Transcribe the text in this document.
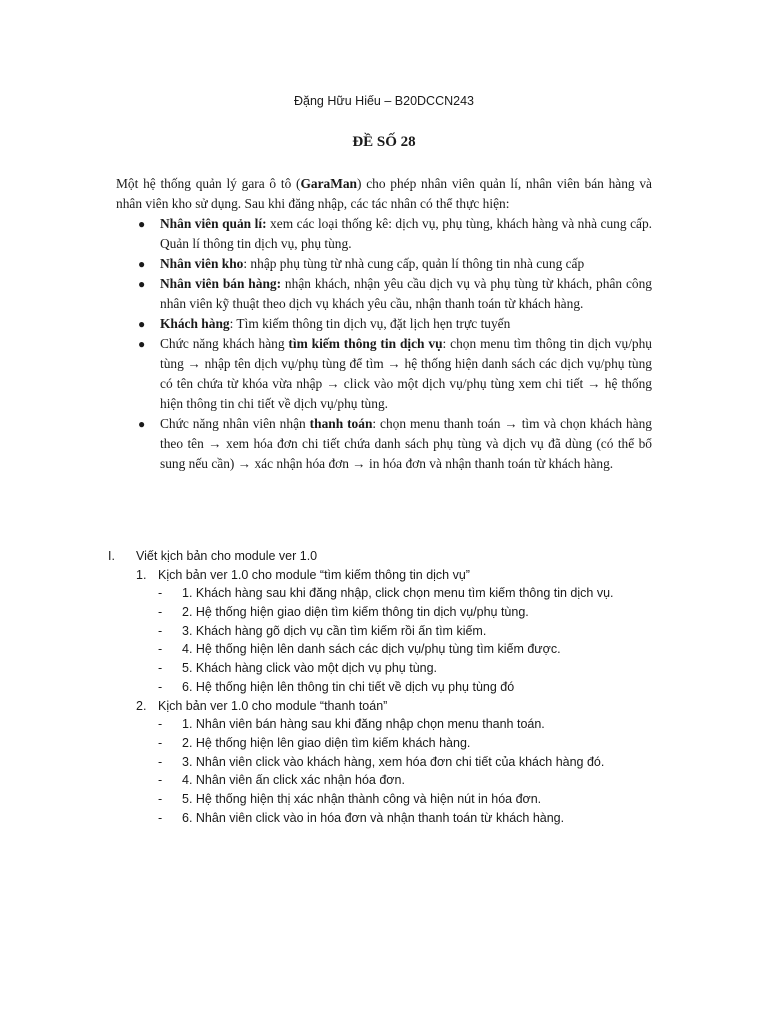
Đặng Hữu Hiếu – B20DCCN243
ĐỀ SỐ 28

Một hệ thống quản lý gara ô tô (GaraMan) cho phép nhân viên quản lí, nhân viên bán hàng và nhân viên kho sử dụng. Sau khi đăng nhập, các tác nhân có thể thực hiện:

● Nhân viên quản lí: xem các loại thống kê: dịch vụ, phụ tùng, khách hàng và nhà cung cấp. Quản lí thông tin dịch vụ, phụ tùng.
● Nhân viên kho: nhập phụ tùng từ nhà cung cấp, quản lí thông tin nhà cung cấp
● Nhân viên bán hàng: nhận khách, nhận yêu cầu dịch vụ và phụ tùng từ khách, phân công nhân viên kỹ thuật theo dịch vụ khách yêu cầu, nhận thanh toán từ khách hàng.
● Khách hàng: Tìm kiếm thông tin dịch vụ, đặt lịch hẹn trực tuyến
● Chức năng khách hàng tìm kiếm thông tin dịch vụ: chọn menu tìm thông tin dịch vụ/phụ tùng → nhập tên dịch vụ/phụ tùng để tìm → hệ thống hiện danh sách các dịch vụ/phụ tùng có tên chứa từ khóa vừa nhập → click vào một dịch vụ/phụ tùng xem chi tiết → hệ thống hiện thông tin chi tiết về dịch vụ/phụ tùng.
● Chức năng nhân viên nhận thanh toán: chọn menu thanh toán → tìm và chọn khách hàng theo tên → xem hóa đơn chi tiết chứa danh sách phụ tùng và dịch vụ đã dùng (có thể bổ sung nếu cần) → xác nhận hóa đơn → in hóa đơn và nhận thanh toán từ khách hàng.
I. Viết kịch bản cho module ver 1.0
1. Kịch bản ver 1.0 cho module “tìm kiếm thông tin dịch vụ”
- 1. Khách hàng sau khi đăng nhập, click chọn menu tìm kiếm thông tin dịch vụ.
- 2. Hệ thống hiện giao diện tìm kiếm thông tin dịch vụ/phụ tùng.
- 3. Khách hàng gõ dịch vụ cần tìm kiếm rồi ấn tìm kiếm.
- 4. Hệ thống hiện lên danh sách các dịch vụ/phụ tùng tìm kiếm được.
- 5. Khách hàng click vào một dịch vụ phụ tùng.
- 6. Hệ thống hiện lên thông tin chi tiết về dịch vụ phụ tùng đó
2. Kịch bản ver 1.0 cho module “thanh toán”
- 1. Nhân viên bán hàng sau khi đăng nhập chọn menu thanh toán.
- 2. Hệ thống hiện lên giao diện tìm kiếm khách hàng.
- 3. Nhân viên click vào khách hàng, xem hóa đơn chi tiết của khách hàng đó.
- 4. Nhân viên ấn click xác nhận hóa đơn.
- 5. Hệ thống hiện thị xác nhận thành công và hiện nút in hóa đơn.
- 6. Nhân viên click vào in hóa đơn và nhận thanh toán từ khách hàng.
